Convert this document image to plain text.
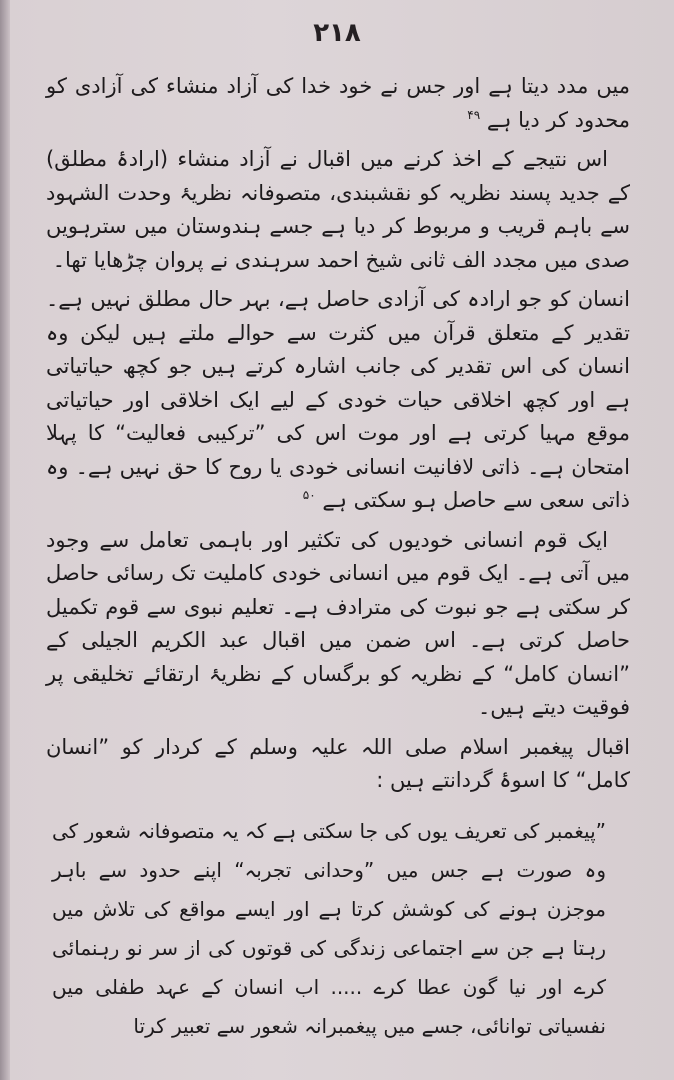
۲۱۸

میں مدد دیتا ہے اور جس نے خود خدا کی آزاد منشاء کی آزادی کو محدود کر دیا ہے $^{۴۹}$

اس نتیجے کے اخذ کرنے میں اقبال نے آزاد منشاء (ارادۂ مطلق) کے جدید پسند نظریہ کو نقشبندی، متصوفانہ نظریۂ وحدت الشہود سے باہم قریب و مربوط کر دیا ہے جسے ہندوستان میں سترہویں صدی میں مجدد الف ثانی شیخ احمد سرہندی نے پروان چڑھایا تھا۔

انسان کو جو ارادہ کی آزادی حاصل ہے، بہر حال مطلق نہیں ہے۔ تقدیر کے متعلق قرآن میں کثرت سے حوالے ملتے ہیں لیکن وہ انسان کی اس تقدیر کی جانب اشارہ کرتے ہیں جو کچھ حیاتیاتی ہے اور کچھ اخلاقی حیات خودی کے لیے ایک اخلاقی اور حیاتیاتی موقع مہیا کرتی ہے اور موت اس کی ”ترکیبی فعالیت“ کا پہلا امتحان ہے۔ ذاتی لافانیت انسانی خودی یا روح کا حق نہیں ہے۔ وہ ذاتی سعی سے حاصل ہو سکتی ہے $^{۵۰}$

ایک قوم انسانی خودیوں کی تکثیر اور باہمی تعامل سے وجود میں آتی ہے۔ ایک قوم میں انسانی خودی کاملیت تک رسائی حاصل کر سکتی ہے جو نبوت کی مترادف ہے۔ تعلیم نبوی سے قوم تکمیل حاصل کرتی ہے۔ اس ضمن میں اقبال عبد الکریم الجیلی کے ”انسان کامل“ کے نظریہ کو برگساں کے نظریۂ ارتقائے تخلیقی پر فوقیت دیتے ہیں۔

اقبال پیغمبر اسلام صلی اللہ علیہ وسلم کے کردار کو ”انسان کامل“ کا اسوۂ گردانتے ہیں :

”پیغمبر کی تعریف یوں کی جا سکتی ہے کہ یہ متصوفانہ شعور کی وہ صورت ہے جس میں ”وحدانی تجربہ“ اپنے حدود سے باہر موجزن ہونے کی کوشش کرتا ہے اور ایسے مواقع کی تلاش میں رہتا ہے جن سے اجتماعی زندگی کی قوتوں کی از سر نو رہنمائی کرے اور نیا گون عطا کرے ..... اب انسان کے عہد طفلی میں نفسیاتی توانائی، جسے میں پیغمبرانہ شعور سے تعبیر کرتا
